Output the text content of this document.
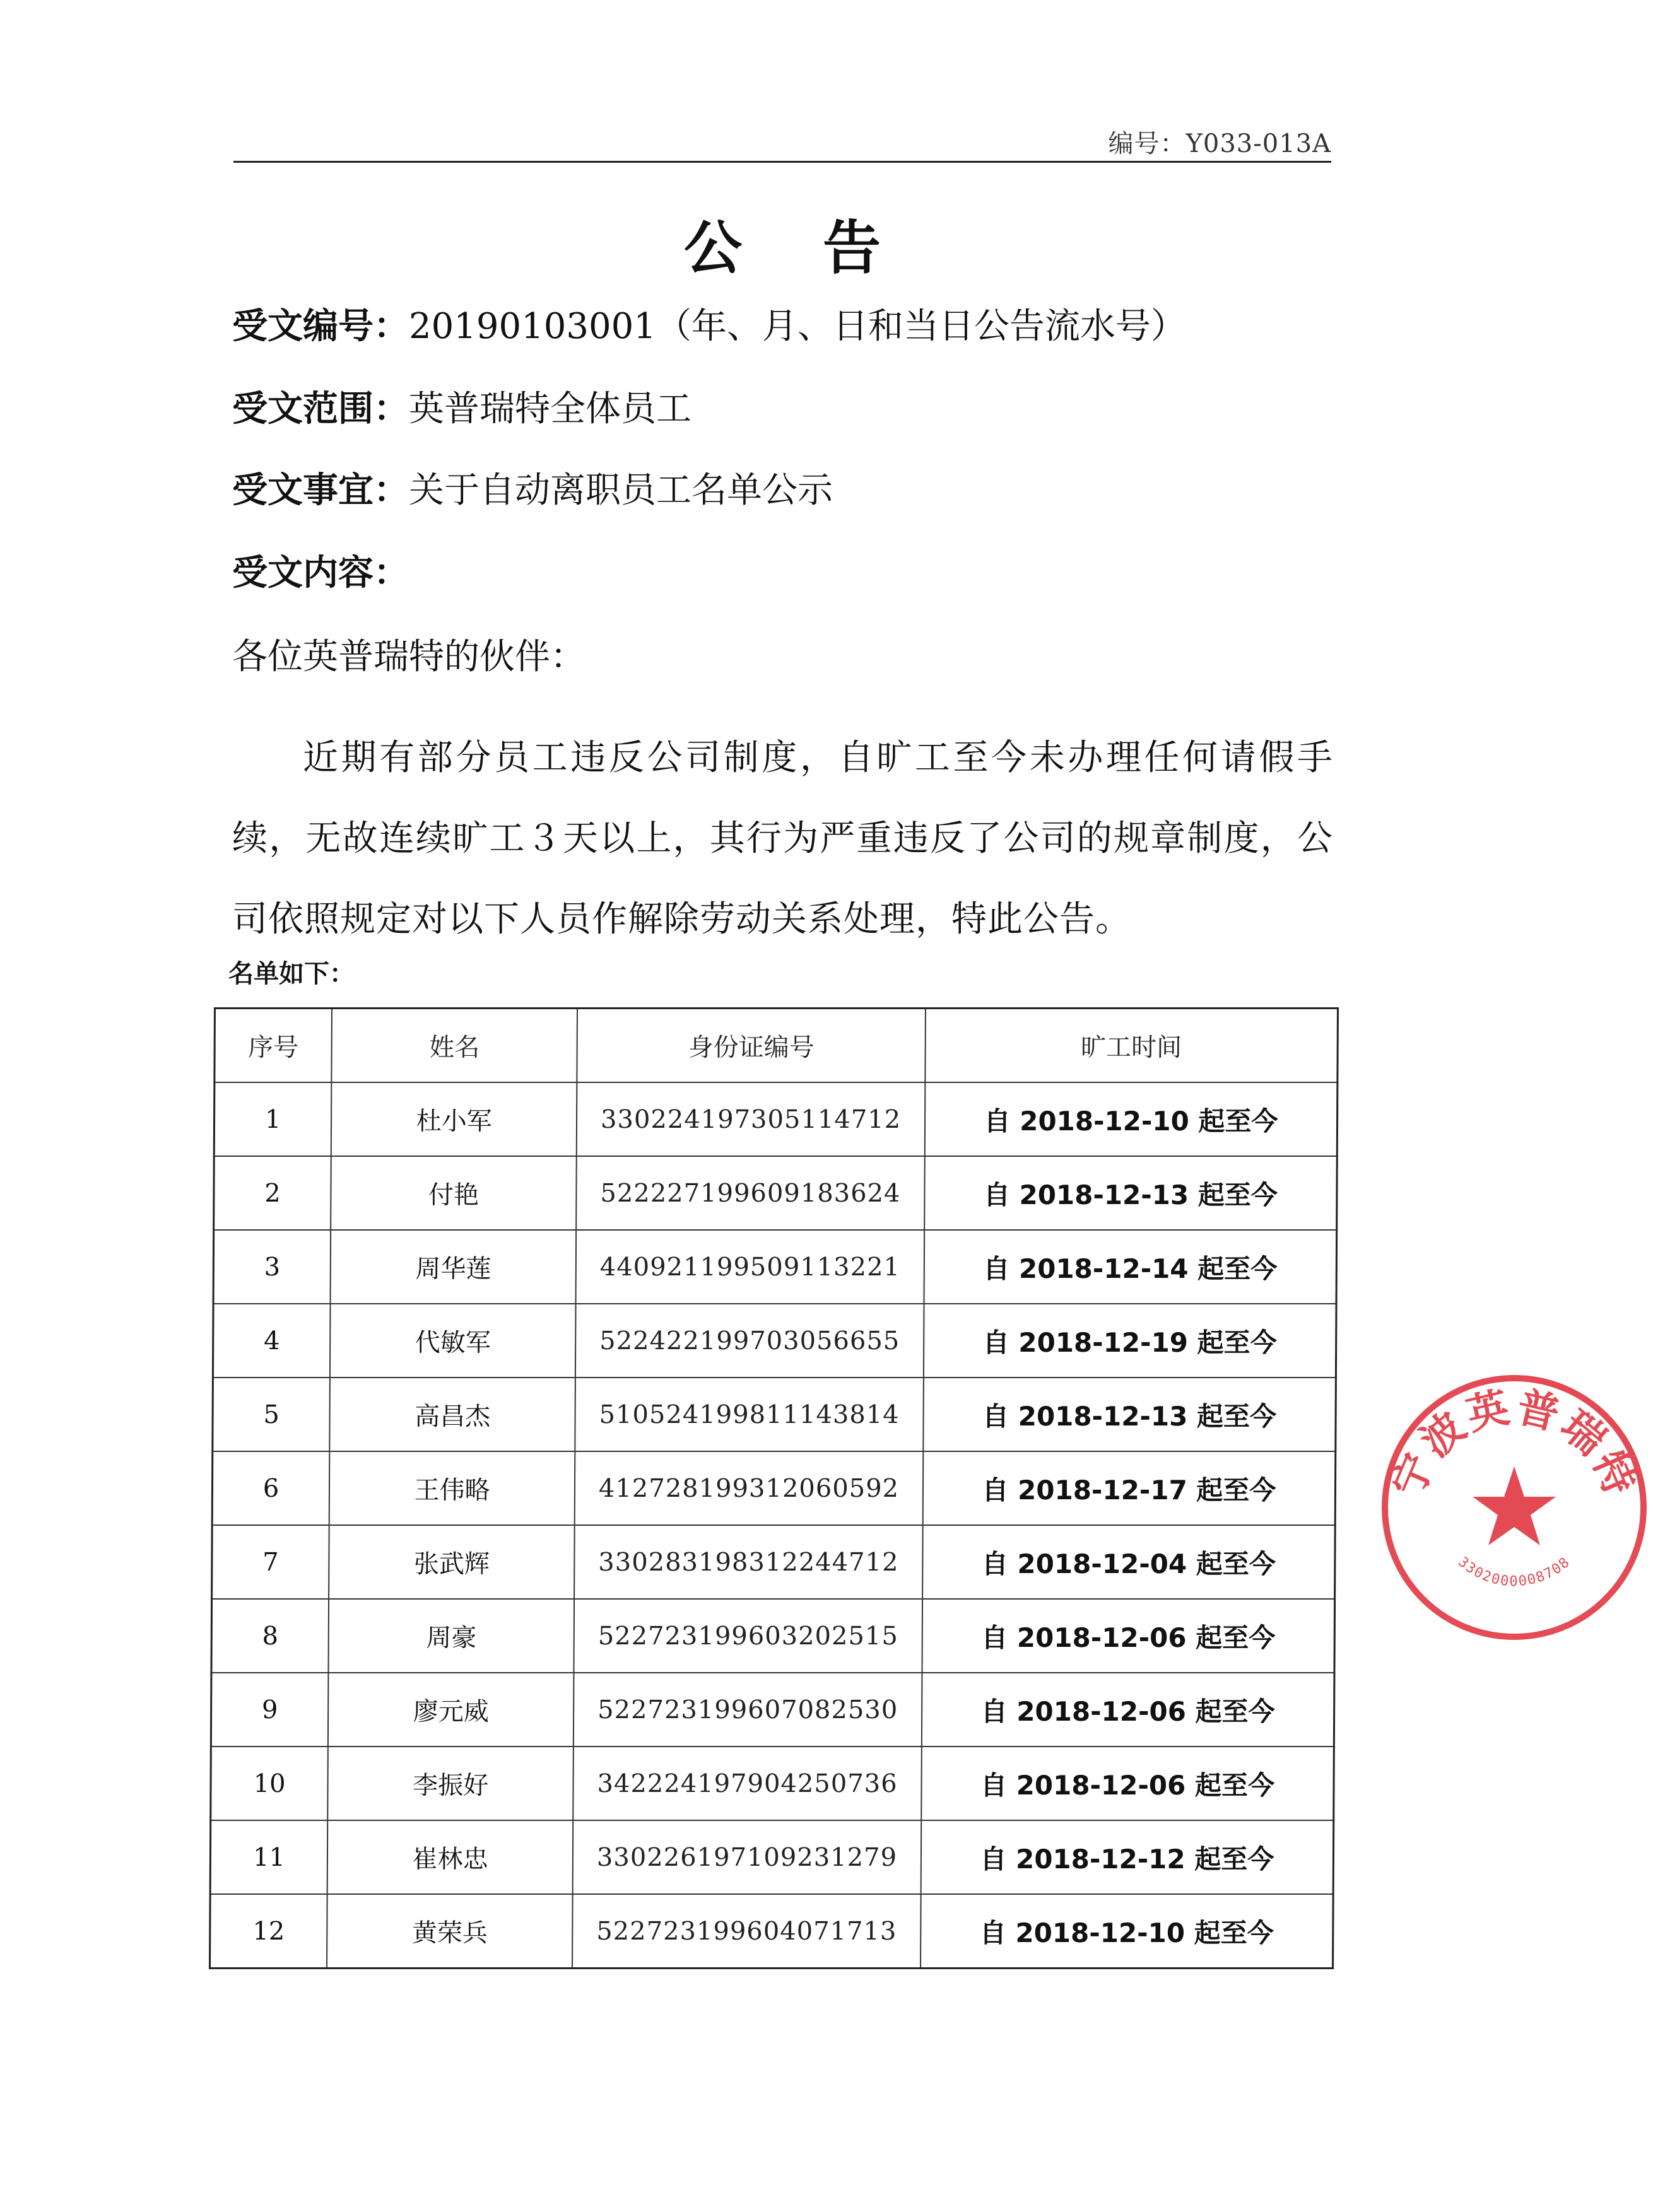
编号：Y033-013A
公 告
受文编号：20190103001（年、月、日和当日公告流水号）
受文范围：英普瑞特全体员工
受文事宜：关于自动离职员工名单公示
受文内容：
各位英普瑞特的伙伴：
近期有部分员工违反公司制度，自旷工至今未办理任何请假手续，无故连续旷工３天以上，其行为严重违反了公司的规章制度，公司依照规定对以下人员作解除劳动关系处理，特此公告。
名单如下：
序号	姓名	身份证编号	旷工时间
1	杜小军	330224197305114712	自 2018-12-10 起至今
2	付艳	522227199609183624	自 2018-12-13 起至今
3	周华莲	440921199509113221	自 2018-12-14 起至今
4	代敏军	522422199703056655	自 2018-12-19 起至今
5	高昌杰	510524199811143814	自 2018-12-13 起至今
6	王伟略	412728199312060592	自 2018-12-17 起至今
7	张武辉	330283198312244712	自 2018-12-04 起至今
8	周豪	522723199603202515	自 2018-12-06 起至今
9	廖元威	522723199607082530	自 2018-12-06 起至今
10	李振好	342224197904250736	自 2018-12-06 起至今
11	崔林忠	330226197109231279	自 2018-12-12 起至今
12	黄荣兵	522723199604071713	自 2018-12-10 起至今
宁波英普瑞特
3302000008708
